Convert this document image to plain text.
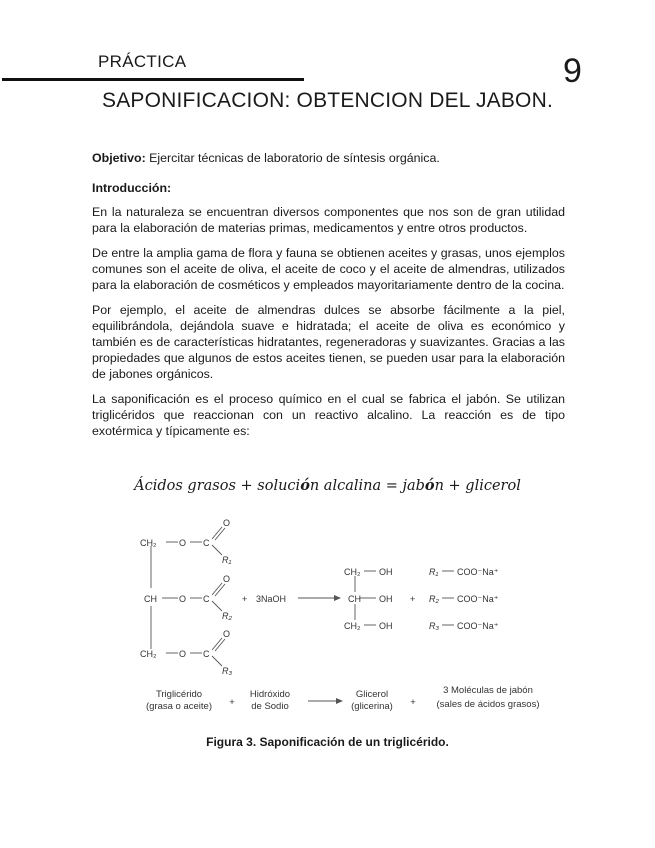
PRÁCTICA	9
SAPONIFICACION: OBTENCION DEL JABON.

Objetivo: Ejercitar técnicas de laboratorio de síntesis orgánica.

Introducción:

En la naturaleza se encuentran diversos componentes que nos son de gran utilidad para la elaboración de materias primas, medicamentos y entre otros productos.

De entre la amplia gama de flora y fauna se obtienen aceites y grasas, unos ejemplos comunes son el aceite de oliva, el aceite de coco y el aceite de almendras, utilizados para la elaboración de cosméticos y empleados mayoritariamente dentro de la cocina.

Por ejemplo, el aceite de almendras dulces se absorbe fácilmente a la piel, equilibrándola, dejándola suave e hidratada; el aceite de oliva es económico y también es de características hidratantes, regeneradoras y suavizantes. Gracias a las propiedades que algunos de estos aceites tienen, se pueden usar para la elaboración de jabones orgánicos.

La saponificación es el proceso químico en el cual se fabrica el jabón. Se utilizan triglicéridos que reaccionan con un reactivo alcalino. La reacción es de tipo exotérmica y típicamente es:

Ácidos grasos + solución alcalina = jabón + glicerol
CH₂	O C
O
R₁
CH O C
O
R₂
CH₂	O C
O
R₃
+ 3NaOH
CH₂ OH
CH OH
CH₂ OH
+
R₁ COO⁻Na⁺
R₂ COO⁻Na⁺
R₃ COO⁻Na⁺
Triglicérido
(grasa o aceite) +
Hidróxido
de Sodio
Glicerol
(glicerina) +
3 Moléculas de jabón
(sales de ácidos grasos)
Figura 3. Saponificación de un triglicérido.
